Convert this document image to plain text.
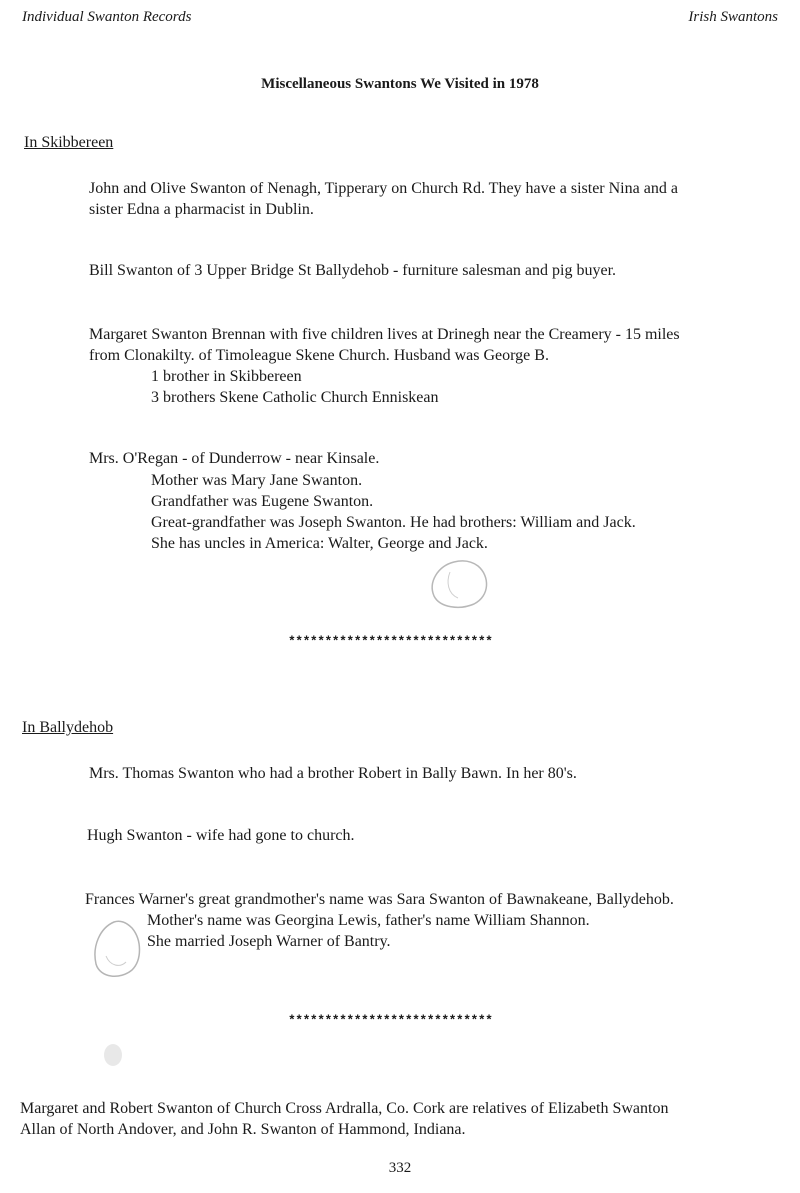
Individual Swanton Records	Irish Swantons
Miscellaneous Swantons We Visited in 1978
In Skibbereen
John and Olive Swanton of Nenagh, Tipperary on Church Rd. They have a sister Nina and a
sister Edna a pharmacist in Dublin.
Bill Swanton of 3 Upper Bridge St Ballydehob - furniture salesman and pig buyer.
Margaret Swanton Brennan with five children lives at Drinegh near the Creamery - 15 miles
from Clonakilty. of Timoleague Skene Church. Husband was George B.
1 brother in Skibbereen
3 brothers Skene Catholic Church Enniskean
Mrs. O'Regan - of Dunderrow - near Kinsale.
Mother was Mary Jane Swanton.
Grandfather was Eugene Swanton.
Great-grandfather was Joseph Swanton. He had brothers: William and Jack.
She has uncles in America: Walter, George and Jack.
****************************
In Ballydehob
Mrs. Thomas Swanton who had a brother Robert in Bally Bawn. In her 80's.
Hugh Swanton - wife had gone to church.
Frances Warner's great grandmother's name was Sara Swanton of Bawnakeane, Ballydehob.
Mother's name was Georgina Lewis, father's name William Shannon.
She married Joseph Warner of Bantry.
****************************
Margaret and Robert Swanton of Church Cross Ardralla, Co. Cork are relatives of Elizabeth Swanton
Allan of North Andover, and John R. Swanton of Hammond, Indiana.
332
